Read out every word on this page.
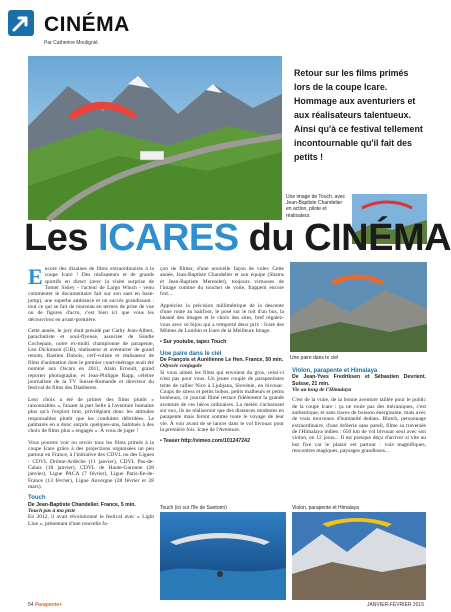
CINÉMA
Par Catherine Moulignié.
Retour sur les films primés lors de la coupe Icare. Hommage aux aventuriers et aux réalisateurs talentueux. Ainsi qu'à ce festival tellement incontournable qu'il fait des petits !
Une image de Touch, avec Jean-Baptiste Chandelier en action, pilote et réalisateur.
Les ICARES du CINÉMA
Une paire dans le ciel

Encore des dizaines de films extraordinaires à la coupe Icare ! Des réalisateurs et de grands sportifs en direct (avec la visite surprise de Tomer Sisley - l'acteur de Largo Winch - venu commenter le documentaire fait sur son saut en base-jump), une superbe ambiance et un succès grandissant : tout ce qui se fait de nouveau en termes de prise de vue ou de figures d'acro, c'est bien ici que vous les découvrirez en avant-première.

Cette année, le jury était présidé par Cathy Jean-Albert, parachutiste et soul-flyeuse, associée de Sandie Cochepain, notre ex-multi championne de parapente, Leo Dickinson (GB), réalisateur et aventurier de grand renom, Bastien Dubois, cerf-voliste et réalisateur de films d'animation dont le premier court-métrage avait été nominé aux Oscars en 2011, Alain Ernoult, grand reporter photographe, et Jean-Philippe Rapp, célèbre journaliste de la TV Suisse-Romande et directeur du festival de films des Diablerets.

Leur choix a été de primer des films plutôt « raisonnables », faisant la part belle à l'aventure humaine plus qu'à l'exploit brut, privilégiant donc les attitudes responsables plutôt que les conduites débridées. Le palmarès en a donc surpris quelques-uns, habitués à des choix de films plus « engagés ». À vous de juger !

Vous pourrez voir ou revoir tous les films primés à la coupe Icare grâce à des projections organisées un peu partout en France, à l'initiative des CDVL ou des Ligues : CDVL Drôme-Ardèche (11 janvier), CDVL Pas-de-Calais (18 janvier), CDVL de Haute-Garonne (28 janvier), Ligue PACA (7 février), Ligue Paris-Ile-de-France (13 février), Ligue Auvergne (28 février et 28 mars).

Touch
De Jean-Baptiste Chandelier. France, 5 min.
Touch pas à ma piste

En 2012, il avait révolutionné le festival avec « Light Line », présentant d'une nouvelle fa-

çon de filmer, d'une nouvelle façon de voler. Cette année, Jean-Baptiste Chandelier et son équipe (Shams et Jean-Baptiste Merendet), toujours virtuoses de l'image comme du toucher de voile, frappent encore fort...

Appréciez la précision millimétrique de la descente d'une route au hairfoot, le posé sur le toit d'un bus, la beauté des images et le choix des sites, bref régalez-vous avec ce bijou qui a remporté deux prix : Icare des Mômes de Lumbin et Icare de la Meilleure Image.

• Sur youtube, tapez Touch

Une paire dans le ciel
De François et Aurélienne Le Hen. France, 50 min.
Odyssée conjugale

Si vous aimez les films qui envoient du gros, celui-ci n'est pas pour vous. Un jeune couple de parapentistes tente de rallier Nice à Ljubjana, Slovénie, en bivouac. Coups de stress et petits bobos, petits malheurs et petits bonheurs, ce journal filmé retrace fidèlement la grande aventure de ces héros ordinaires. La météo s'acharnant sur eux, ils ne réaliseront que des distances modestes en parapente mais feront somme toute le voyage de leur vie. À voir avant de se lancer dans le vol bivouac pour la première fois. Icare de l'Aventure.

• Teaser http://vimeo.com/101247242

Violon, parapente et Himalaya
De Jean-Yves Fredriksen et Sébastien Devrient. Suisse, 21 min.
Vie au long de l'Himalaya

C'est de la vraie, de la bonne aventure taillée pour le public de la coupe Icare : ça ne roule pas des mécaniques, c'est authentique, et sans traces de boisson énergisante, mais avec de vrais morceaux d'humanité dedans. Blutch, personnage extraordinaire, d'une drôlerie sans pareil, filme sa traversée de l'Himalaya indien : 650 km de vol bivouac seul avec son violon, en 12 jours... Il est presque déçu d'arriver si vite au but fixé car le plaisir est partout : vols magnifiques, rencontres magiques, paysages grandioses...

Touch (ici sur l'île de Santorin)	Violon, parapente et Himalaya
54 Parapente+	JANVIER-FÉVRIER 2015
